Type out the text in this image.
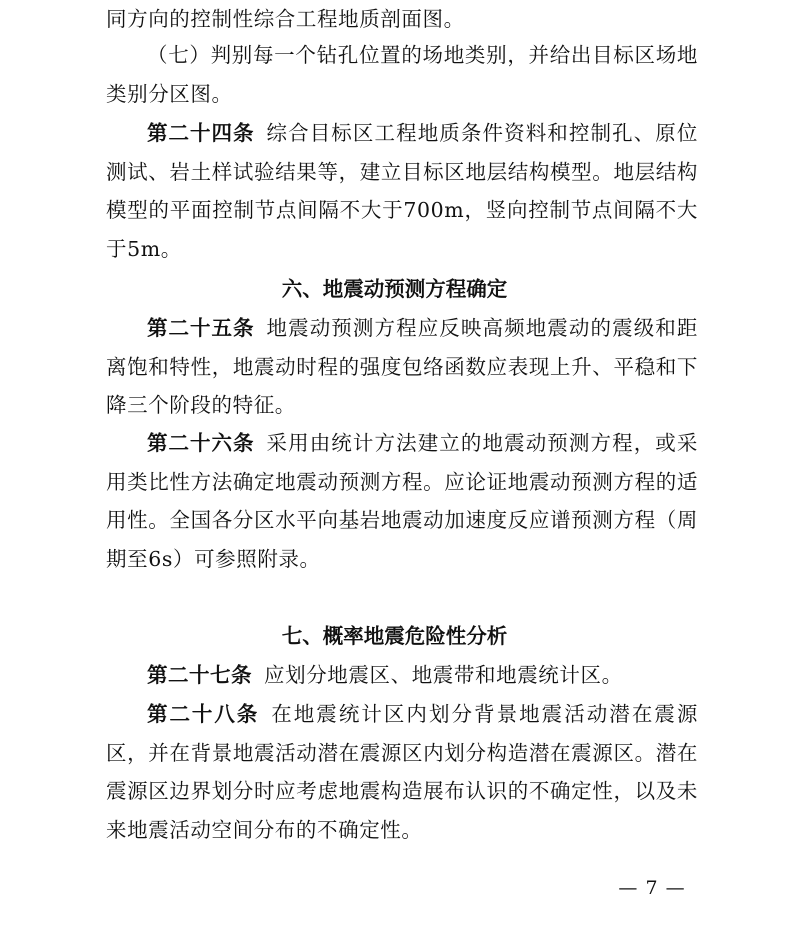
同方向的控制性综合工程地质剖面图。
（七）判别每一个钻孔位置的场地类别，并给出目标区场地类别分区图。
第二十四条 综合目标区工程地质条件资料和控制孔、原位测试、岩土样试验结果等，建立目标区地层结构模型。地层结构模型的平面控制节点间隔不大于700m，竖向控制节点间隔不大于5m。
六、地震动预测方程确定
第二十五条 地震动预测方程应反映高频地震动的震级和距离饱和特性，地震动时程的强度包络函数应表现上升、平稳和下降三个阶段的特征。
第二十六条 采用由统计方法建立的地震动预测方程，或采用类比性方法确定地震动预测方程。应论证地震动预测方程的适用性。全国各分区水平向基岩地震动加速度反应谱预测方程（周期至6s）可参照附录。
七、概率地震危险性分析
第二十七条 应划分地震区、地震带和地震统计区。
第二十八条 在地震统计区内划分背景地震活动潜在震源区，并在背景地震活动潜在震源区内划分构造潜在震源区。潜在震源区边界划分时应考虑地震构造展布认识的不确定性，以及未来地震活动空间分布的不确定性。
— 7 —
